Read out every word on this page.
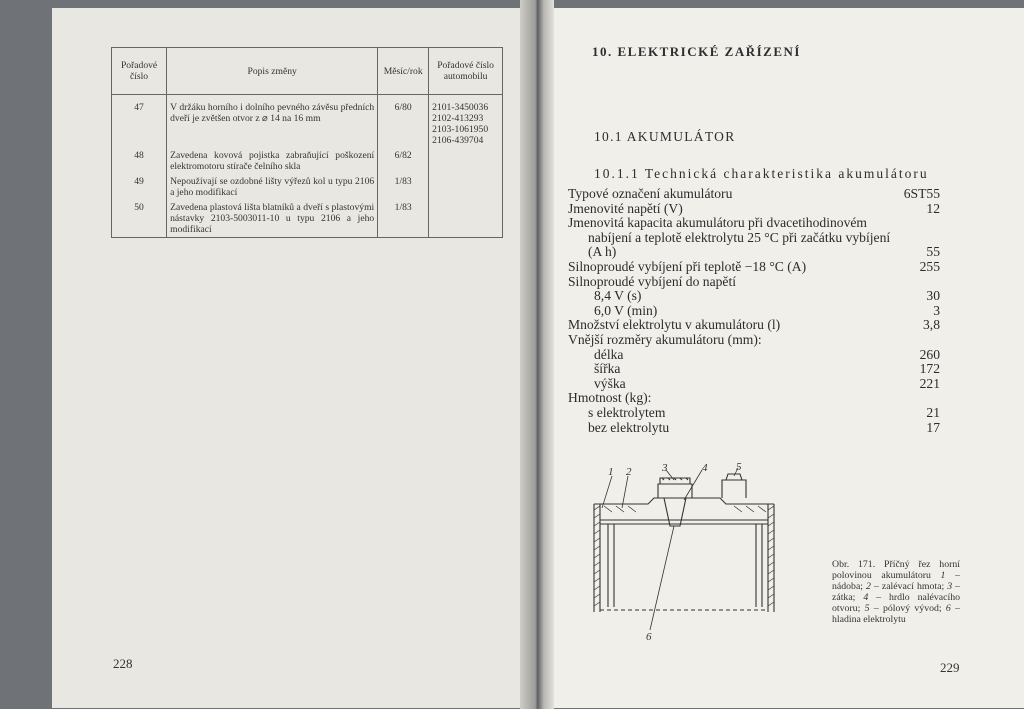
Pořadové číslo	Popis změny	Měsíc/rok	Pořadové číslo automobilu
47	V držáku horního i dolního pevného závěsu předních dveří je zvětšen otvor z ⌀ 14 na 16 mm	6/80	2101-3450036 2102-413293 2103-1061950 2106-439704
48	Zavedena kovová pojistka zabraňující poškození elektromotoru stírače čelního skla	6/82	
49	Nepoužívají se ozdobné lišty výřezů kol u typu 2106 a jeho modifikací	1/83	
50	Zavedena plastová lišta blatníků a dveří s plastovými nástavky 2103-5003011-10 u typu 2106 a jeho modifikací	1/83	
228
10. ELEKTRICKÉ ZAŘÍZENÍ
10.1 AKUMULÁTOR
10.1.1 Technická charakteristika akumulátoru
Typové označení akumulátoru	6ST55
Jmenovité napětí (V)	12
Jmenovitá kapacita akumulátoru při dvacetihodinovém
nabíjení a teplotě elektrolytu 25 °C při začátku vybíjení
(A h)	55
Silnoproudé vybíjení při teplotě −18 °C (A)	255
Silnoproudé vybíjení do napětí
8,4 V (s)	30
6,0 V (min)	3
Množství elektrolytu v akumulátoru (l)	3,8
Vnější rozměry akumulátoru (mm):
délka	260
šířka	172
výška	221
Hmotnost (kg):
s elektrolytem	21
bez elektrolytu	17
1 2	3	4	5
6
Obr. 171. Příčný řez horní polovinou akumulátoru 1 – nádoba; 2 – zalévací hmota; 3 – zátka; 4 – hrdlo nalévacího otvoru; 5 – pólový vývod; 6 – hladina elektrolytu
229
